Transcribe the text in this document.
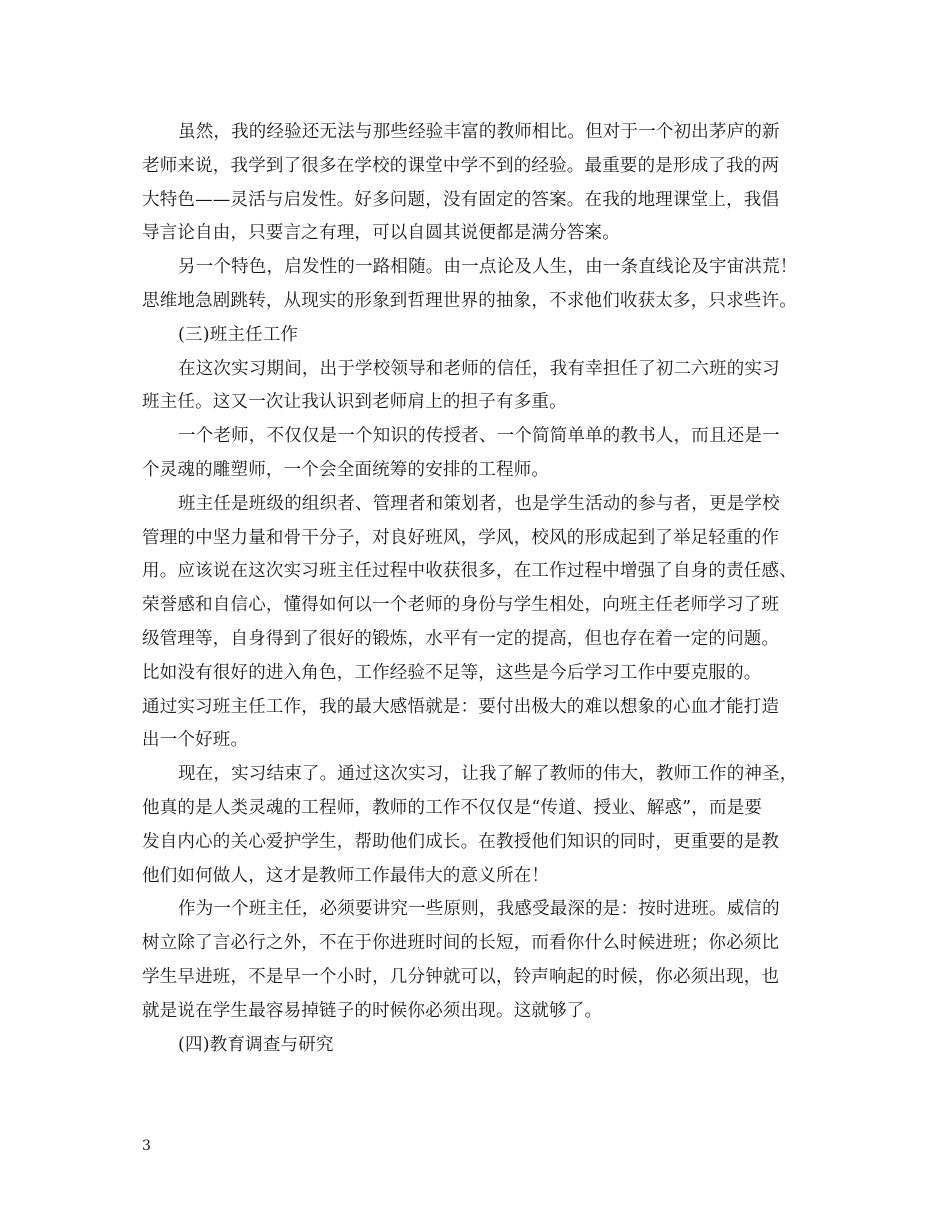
虽然，我的经验还无法与那些经验丰富的教师相比。但对于一个初出茅庐的新
老师来说，我学到了很多在学校的课堂中学不到的经验。最重要的是形成了我的两
大特色——灵活与启发性。好多问题，没有固定的答案。在我的地理课堂上，我倡
导言论自由，只要言之有理，可以自圆其说便都是满分答案。
另一个特色，启发性的一路相随。由一点论及人生，由一条直线论及宇宙洪荒！
思维地急剧跳转，从现实的形象到哲理世界的抽象，不求他们收获太多，只求些许。
(三)班主任工作
在这次实习期间，出于学校领导和老师的信任，我有幸担任了初二六班的实习
班主任。这又一次让我认识到老师肩上的担子有多重。
一个老师，不仅仅是一个知识的传授者、一个简简单单的教书人，而且还是一
个灵魂的雕塑师，一个会全面统筹的安排的工程师。
班主任是班级的组织者、管理者和策划者，也是学生活动的参与者，更是学校
管理的中坚力量和骨干分子，对良好班风，学风，校风的形成起到了举足轻重的作
用。应该说在这次实习班主任过程中收获很多，在工作过程中增强了自身的责任感、
荣誉感和自信心，懂得如何以一个老师的身份与学生相处，向班主任老师学习了班
级管理等，自身得到了很好的锻炼，水平有一定的提高，但也存在着一定的问题。
比如没有很好的进入角色，工作经验不足等，这些是今后学习工作中要克服的。
通过实习班主任工作，我的最大感悟就是：要付出极大的难以想象的心血才能打造
出一个好班。
现在，实习结束了。通过这次实习，让我了解了教师的伟大，教师工作的神圣，
他真的是人类灵魂的工程师，教师的工作不仅仅是“传道、授业、解惑”，而是要
发自内心的关心爱护学生，帮助他们成长。在教授他们知识的同时，更重要的是教
他们如何做人，这才是教师工作最伟大的意义所在！
作为一个班主任，必须要讲究一些原则，我感受最深的是：按时进班。威信的
树立除了言必行之外，不在于你进班时间的长短，而看你什么时候进班；你必须比
学生早进班，不是早一个小时，几分钟就可以，铃声响起的时候，你必须出现，也
就是说在学生最容易掉链子的时候你必须出现。这就够了。
(四)教育调查与研究
3
